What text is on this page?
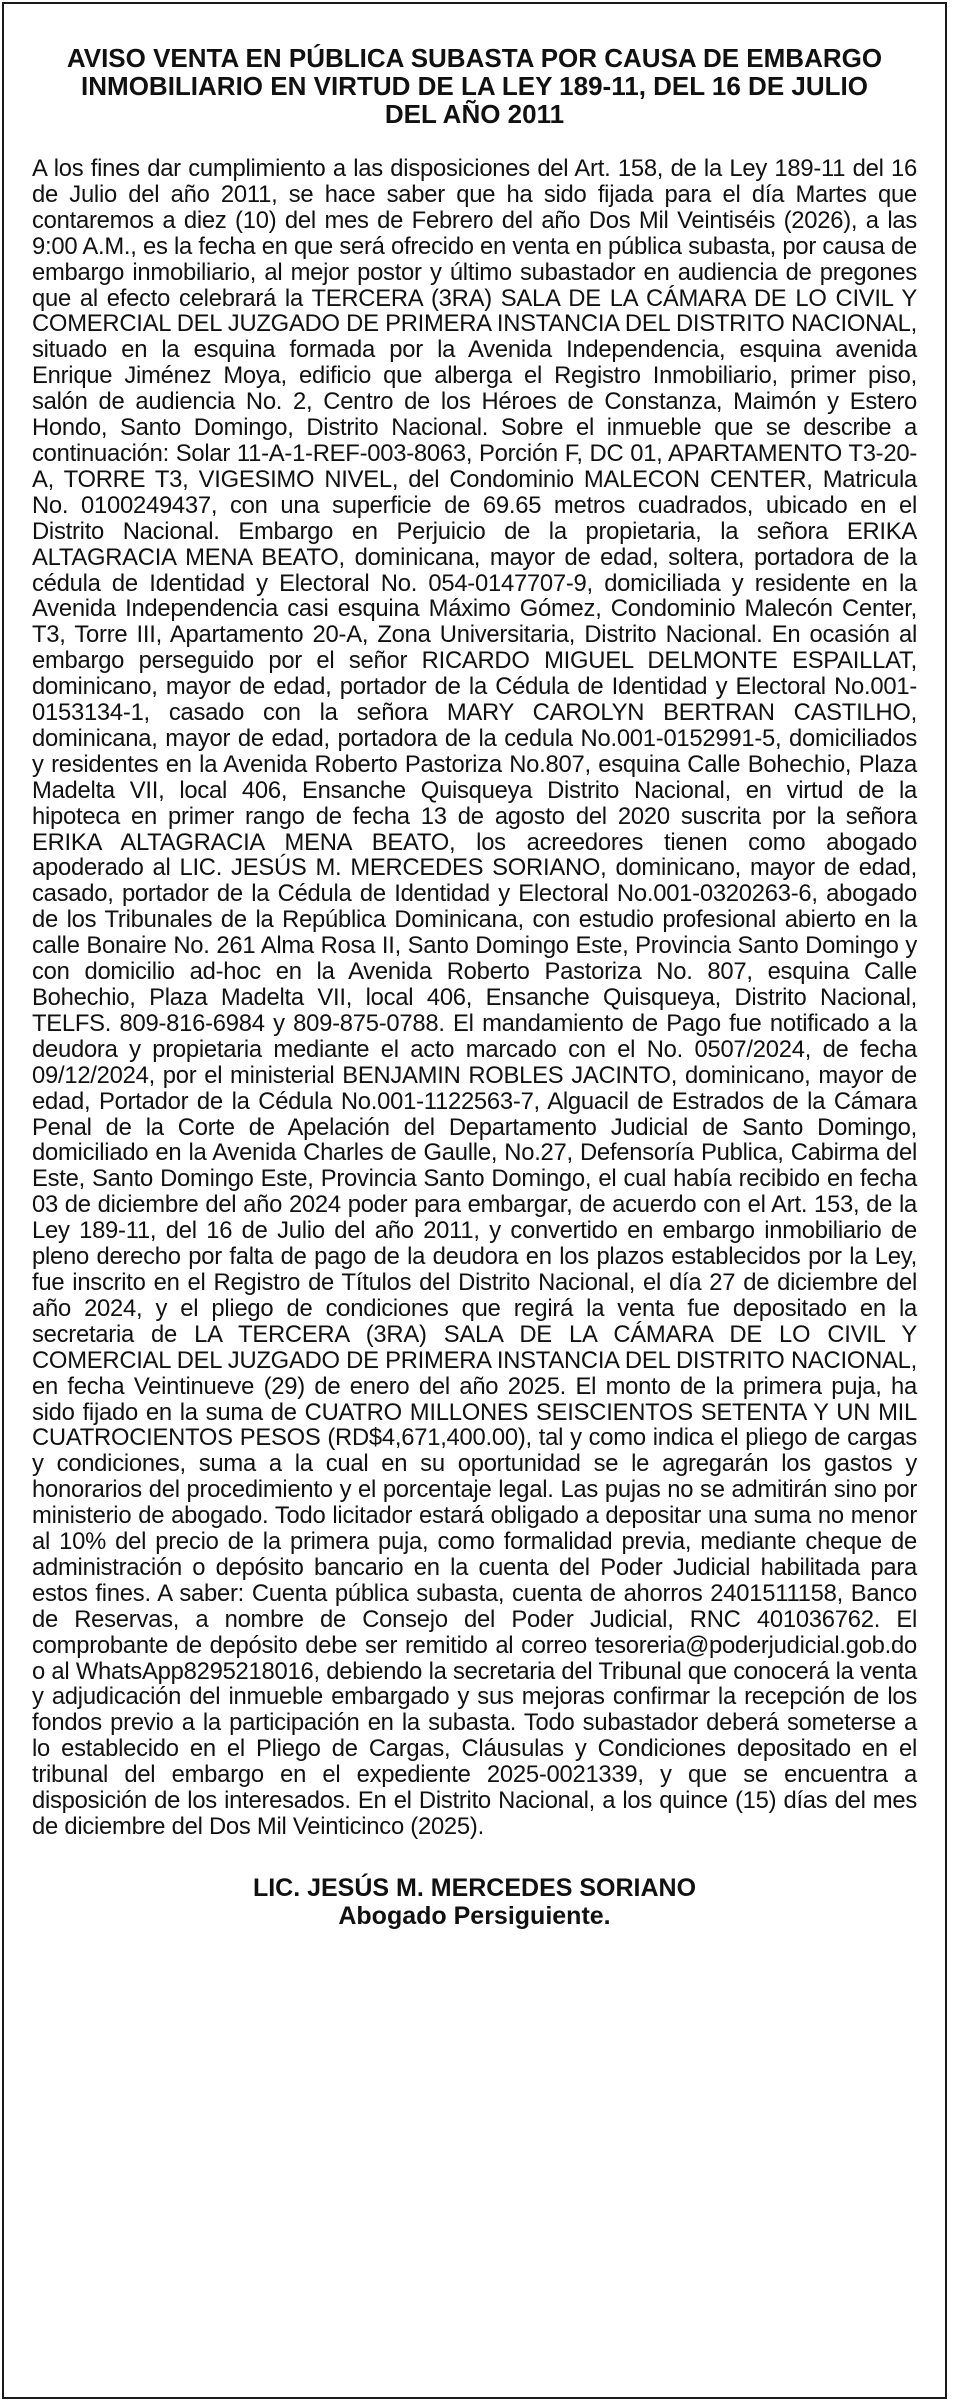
AVISO VENTA EN PÚBLICA SUBASTA POR CAUSA DE EMBARGO INMOBILIARIO EN VIRTUD DE LA LEY 189-11, DEL 16 DE JULIO DEL AÑO 2011
A los fines dar cumplimiento a las disposiciones del Art. 158, de la Ley 189-11 del 16 de Julio del año 2011, se hace saber que ha sido fijada para el día Martes que contaremos a diez (10) del mes de Febrero del año Dos Mil Veintiséis (2026), a las 9:00 A.M., es la fecha en que será ofrecido en venta en pública subasta, por causa de embargo inmobiliario, al mejor postor y último subastador en audiencia de pregones que al efecto celebrará la TERCERA (3RA) SALA DE LA CÁMARA DE LO CIVIL Y COMERCIAL DEL JUZGADO DE PRIMERA INSTANCIA DEL DISTRITO NACIONAL, situado en la esquina formada por la Avenida Independencia, esquina avenida Enrique Jiménez Moya, edificio que alberga el Registro Inmobiliario, primer piso, salón de audiencia No. 2, Centro de los Héroes de Constanza, Maimón y Estero Hondo, Santo Domingo, Distrito Nacional. Sobre el inmueble que se describe a continuación: Solar 11-A-1-REF-003-8063, Porción F, DC 01, APARTAMENTO T3-20-A, TORRE T3, VIGESIMO NIVEL, del Condominio MALECON CENTER, Matricula No. 0100249437, con una superficie de 69.65 metros cuadrados, ubicado en el Distrito Nacional. Embargo en Perjuicio de la propietaria, la señora ERIKA ALTAGRACIA MENA BEATO, dominicana, mayor de edad, soltera, portadora de la cédula de Identidad y Electoral No. 054-0147707-9, domiciliada y residente en la Avenida Independencia casi esquina Máximo Gómez, Condominio Malecón Center, T3, Torre III, Apartamento 20-A, Zona Universitaria, Distrito Nacional. En ocasión al embargo perseguido por el señor RICARDO MIGUEL DELMONTE ESPAILLAT, dominicano, mayor de edad, portador de la Cédula de Identidad y Electoral No.001-0153134-1, casado con la señora MARY CAROLYN BERTRAN CASTILHO, dominicana, mayor de edad, portadora de la cedula No.001-0152991-5, domiciliados y residentes en la Avenida Roberto Pastoriza No.807, esquina Calle Bohechio, Plaza Madelta VII, local 406, Ensanche Quisqueya Distrito Nacional, en virtud de la hipoteca en primer rango de fecha 13 de agosto del 2020 suscrita por la señora ERIKA ALTAGRACIA MENA BEATO, los acreedores tienen como abogado apoderado al LIC. JESÚS M. MERCEDES SORIANO, dominicano, mayor de edad, casado, portador de la Cédula de Identidad y Electoral No.001-0320263-6, abogado de los Tribunales de la República Dominicana, con estudio profesional abierto en la calle Bonaire No. 261 Alma Rosa II, Santo Domingo Este, Provincia Santo Domingo y con domicilio ad-hoc en la Avenida Roberto Pastoriza No. 807, esquina Calle Bohechio, Plaza Madelta VII, local 406, Ensanche Quisqueya, Distrito Nacional, TELFS. 809-816-6984 y 809-875-0788. El mandamiento de Pago fue notificado a la deudora y propietaria mediante el acto marcado con el No. 0507/2024, de fecha 09/12/2024, por el ministerial BENJAMIN ROBLES JACINTO, dominicano, mayor de edad, Portador de la Cédula No.001-1122563-7, Alguacil de Estrados de la Cámara Penal de la Corte de Apelación del Departamento Judicial de Santo Domingo, domiciliado en la Avenida Charles de Gaulle, No.27, Defensoría Publica, Cabirma del Este, Santo Domingo Este, Provincia Santo Domingo, el cual había recibido en fecha 03 de diciembre del año 2024 poder para embargar, de acuerdo con el Art. 153, de la Ley 189-11, del 16 de Julio del año 2011, y convertido en embargo inmobiliario de pleno derecho por falta de pago de la deudora en los plazos establecidos por la Ley, fue inscrito en el Registro de Títulos del Distrito Nacional, el día 27 de diciembre del año 2024, y el pliego de condiciones que regirá la venta fue depositado en la secretaria de LA TERCERA (3RA) SALA DE LA CÁMARA DE LO CIVIL Y COMERCIAL DEL JUZGADO DE PRIMERA INSTANCIA DEL DISTRITO NACIONAL, en fecha Veintinueve (29) de enero del año 2025. El monto de la primera puja, ha sido fijado en la suma de CUATRO MILLONES SEISCIENTOS SETENTA Y UN MIL CUATROCIENTOS PESOS (RD$4,671,400.00), tal y como indica el pliego de cargas y condiciones, suma a la cual en su oportunidad se le agregarán los gastos y honorarios del procedimiento y el porcentaje legal. Las pujas no se admitirán sino por ministerio de abogado. Todo licitador estará obligado a depositar una suma no menor al 10% del precio de la primera puja, como formalidad previa, mediante cheque de administración o depósito bancario en la cuenta del Poder Judicial habilitada para estos fines. A saber: Cuenta pública subasta, cuenta de ahorros 2401511158, Banco de Reservas, a nombre de Consejo del Poder Judicial, RNC 401036762. El comprobante de depósito debe ser remitido al correo tesoreria@poderjudicial.gob.do o al WhatsApp8295218016, debiendo la secretaria del Tribunal que conocerá la venta y adjudicación del inmueble embargado y sus mejoras confirmar la recepción de los fondos previo a la participación en la subasta. Todo subastador deberá someterse a lo establecido en el Pliego de Cargas, Cláusulas y Condiciones depositado en el tribunal del embargo en el expediente 2025-0021339, y que se encuentra a disposición de los interesados. En el Distrito Nacional, a los quince (15) días del mes de diciembre del Dos Mil Veinticinco (2025).
LIC. JESÚS M. MERCEDES SORIANO
Abogado Persiguiente.
